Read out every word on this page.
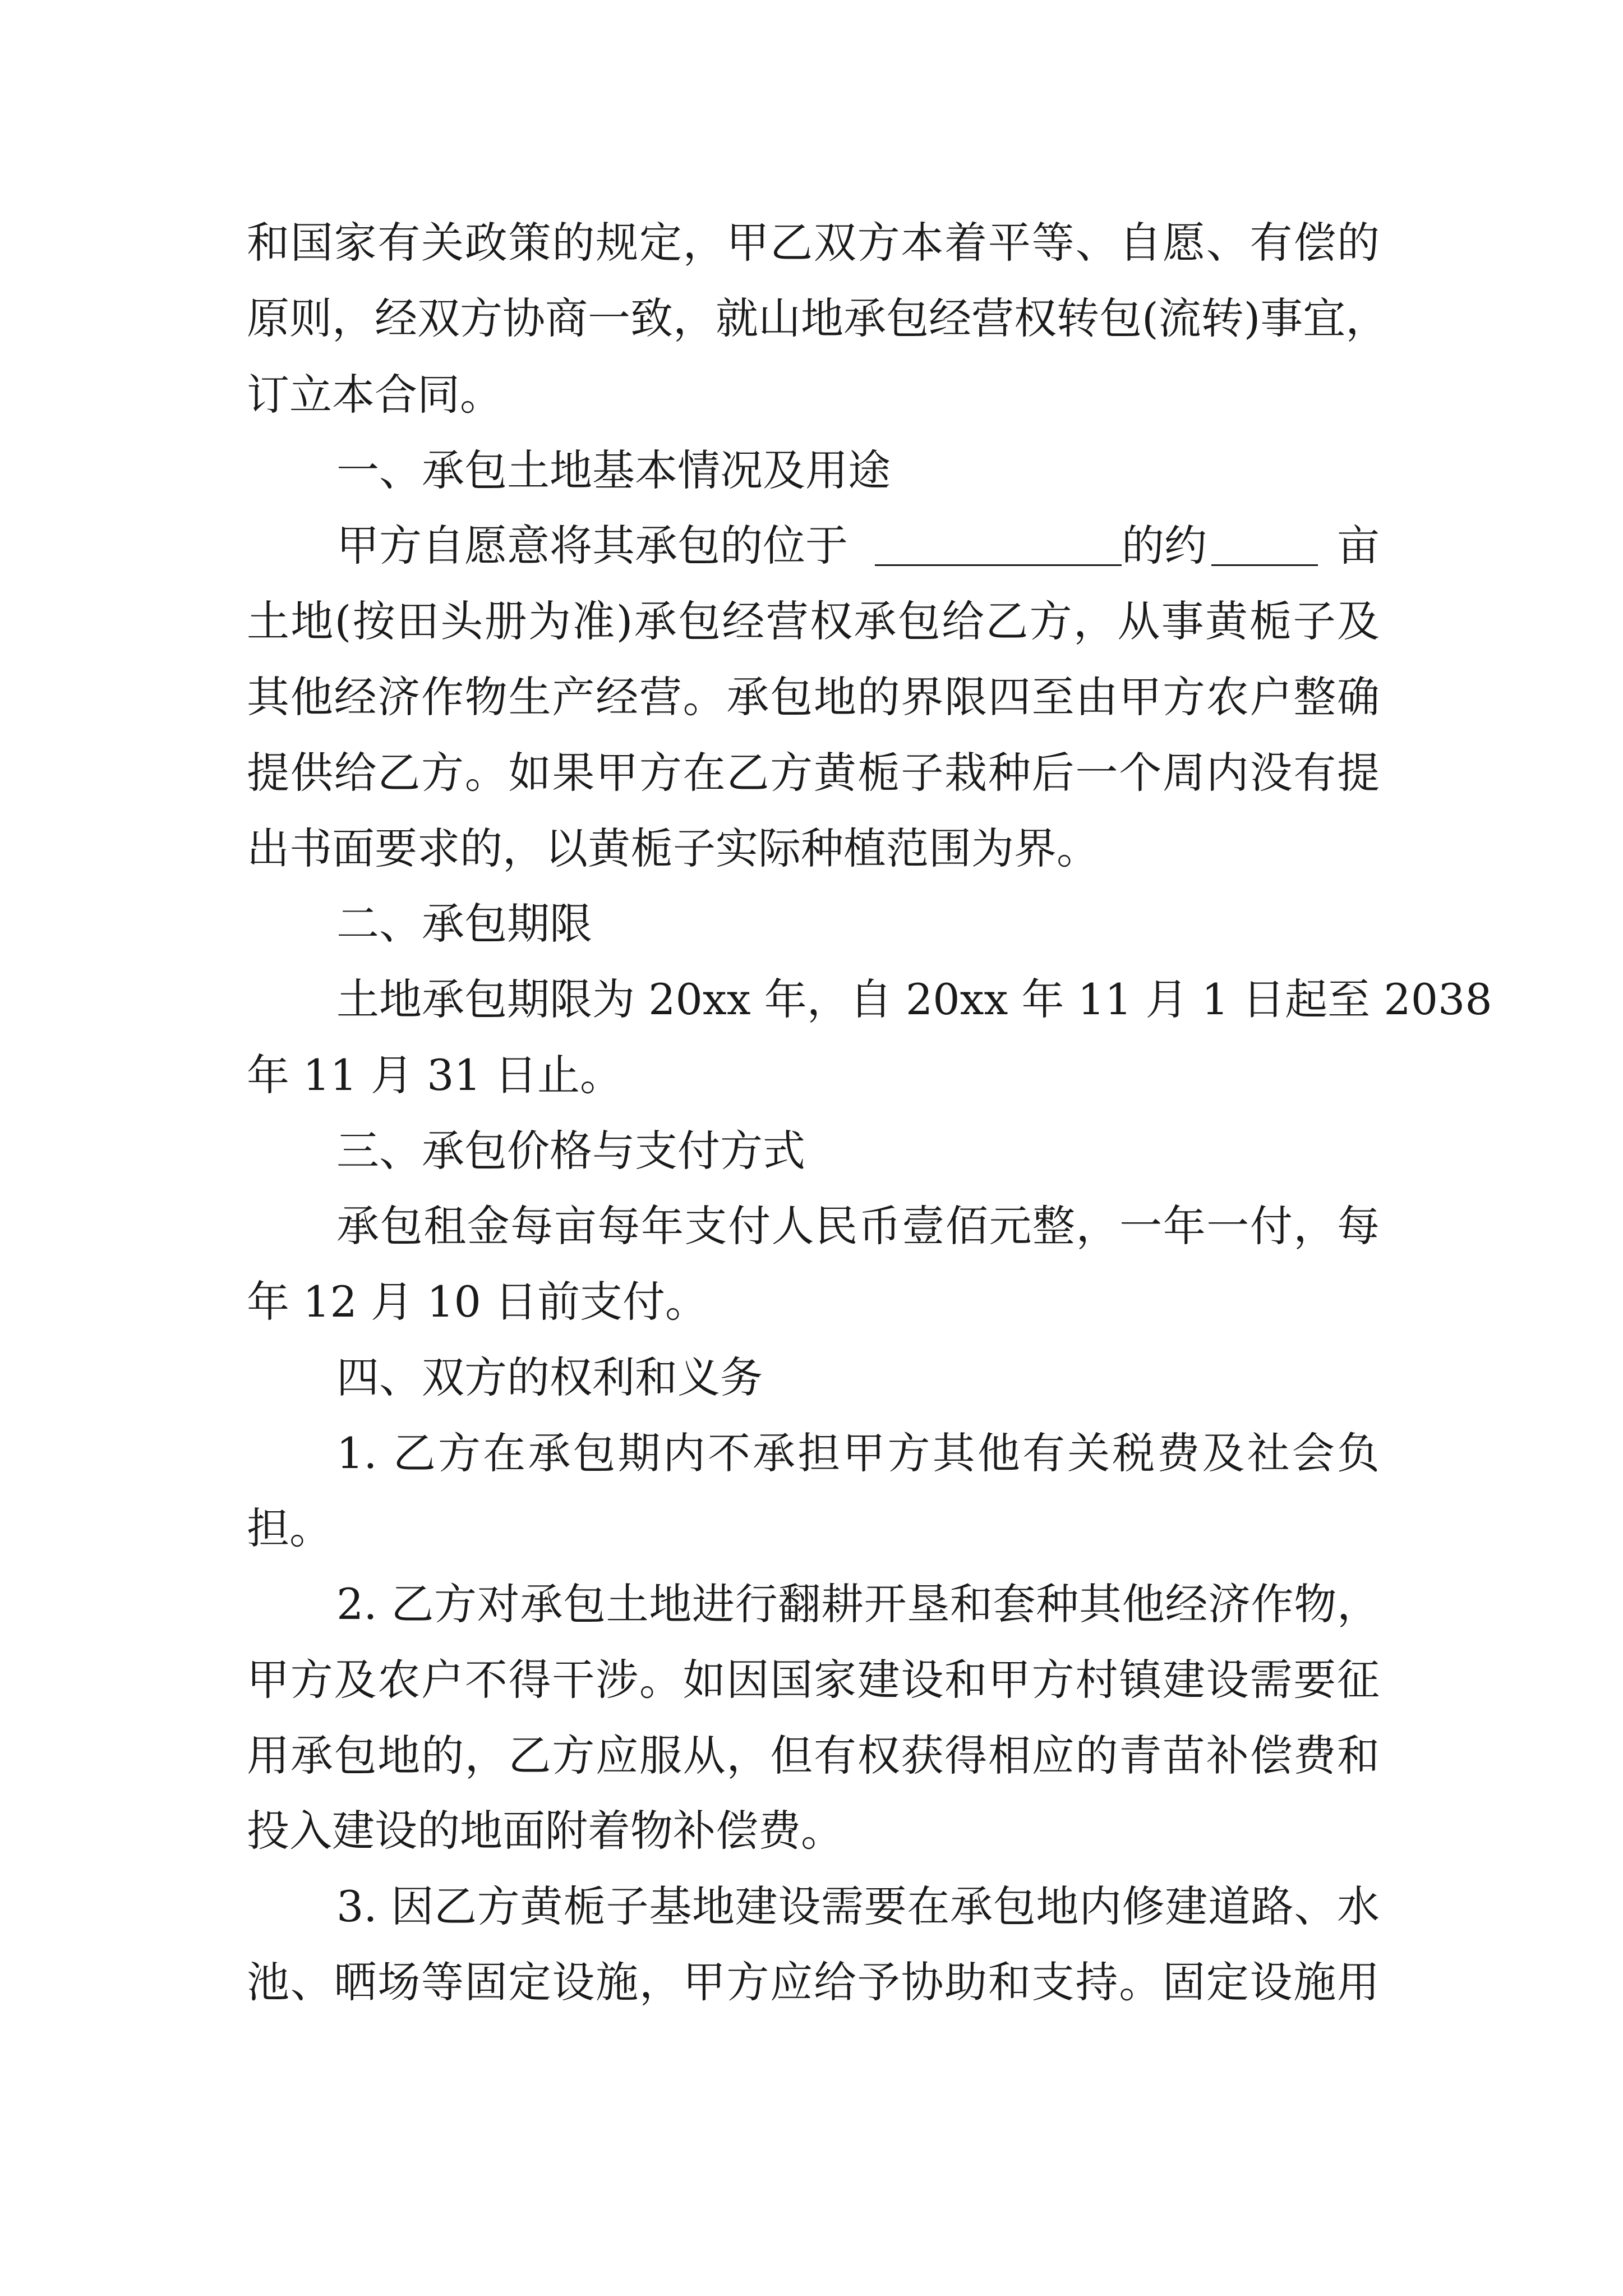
和国家有关政策的规定，甲乙双方本着平等、自愿、有偿的
原则，经双方协商一致，就山地承包经营权转包(流转)事宜，
订立本合同。
一、承包土地基本情况及用途
甲方自愿意将其承包的位于	的约	亩
土地(按田头册为准)承包经营权承包给乙方，从事黄栀子及
其他经济作物生产经营。承包地的界限四至由甲方农户整确
提供给乙方。如果甲方在乙方黄栀子栽种后一个周内没有提
出书面要求的，以黄栀子实际种植范围为界。
二、承包期限
土地承包期限为 20xx 年，自 20xx 年 11 月 1 日起至 2038
年 11 月 31 日止。
三、承包价格与支付方式
承包租金每亩每年支付人民币壹佰元整，一年一付，每
年 12 月 10 日前支付。
四、双方的权利和义务
1. 乙方在承包期内不承担甲方其他有关税费及社会负
担。
2. 乙方对承包土地进行翻耕开垦和套种其他经济作物，
甲方及农户不得干涉。如因国家建设和甲方村镇建设需要征
用承包地的，乙方应服从，但有权获得相应的青苗补偿费和
投入建设的地面附着物补偿费。
3. 因乙方黄栀子基地建设需要在承包地内修建道路、水
池、晒场等固定设施，甲方应给予协助和支持。固定设施用
